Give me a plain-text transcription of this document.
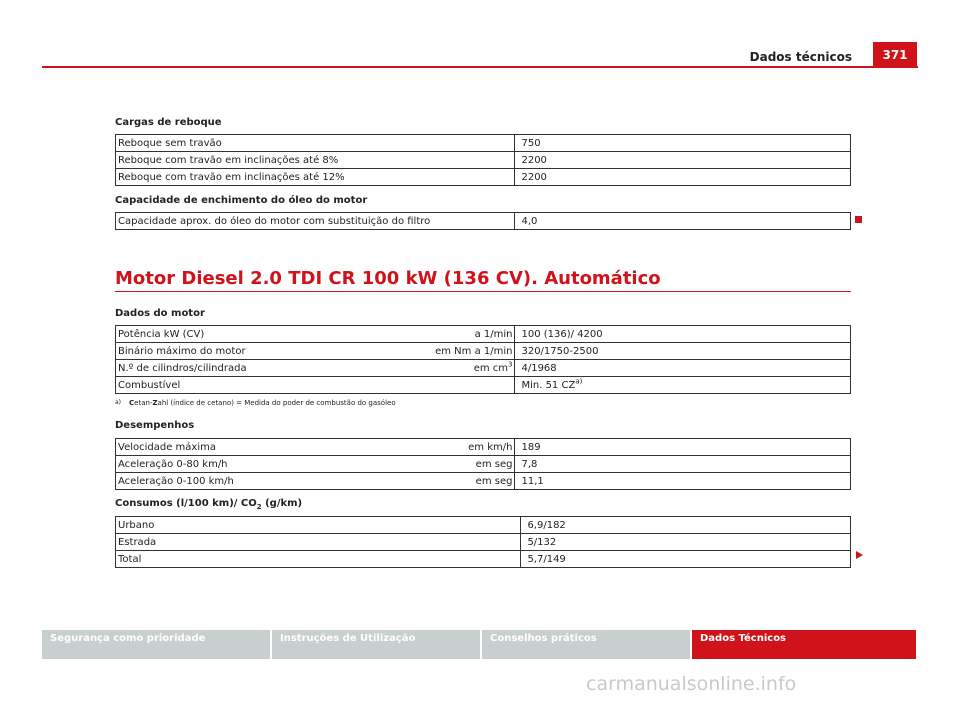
Dados técnicos	371
Cargas de reboque
Reboque sem travão	750
Reboque com travão em inclinações até 8%	2200
Reboque com travão em inclinações até 12%	2200
Capacidade de enchimento do óleo do motor
Capacidade aprox. do óleo do motor com substituição do filtro	4,0
Motor Diesel 2.0 TDI CR 100 kW (136 CV). Automático
Dados do motor
Potência kW (CV) a 1/min	100 (136)/ 4200

Binário máximo do motor em Nm a 1/min	320/1750-2500

N.º de cilindros/cilindrada em $cm^3$	4/1968

Combustível	Min. 51 CZ$^{a)}$
a) Cetan-Zahl (índice de cetano) = Medida do poder de combustão do gasóleo
Desempenhos
Velocidade máxima em km/h	189

Aceleração 0-80 km/h em seg	7,8

Aceleração 0-100 km/h em seg	11,1
Consumos (l/100 km)/ $CO_2$ (g/km)
Urbano	6,9/182
Estrada	5/132
Total	5,7/149
Segurança como prioridade	Instruções de Utilização	Conselhos práticos	Dados Técnicos
carmanualsonline.info
